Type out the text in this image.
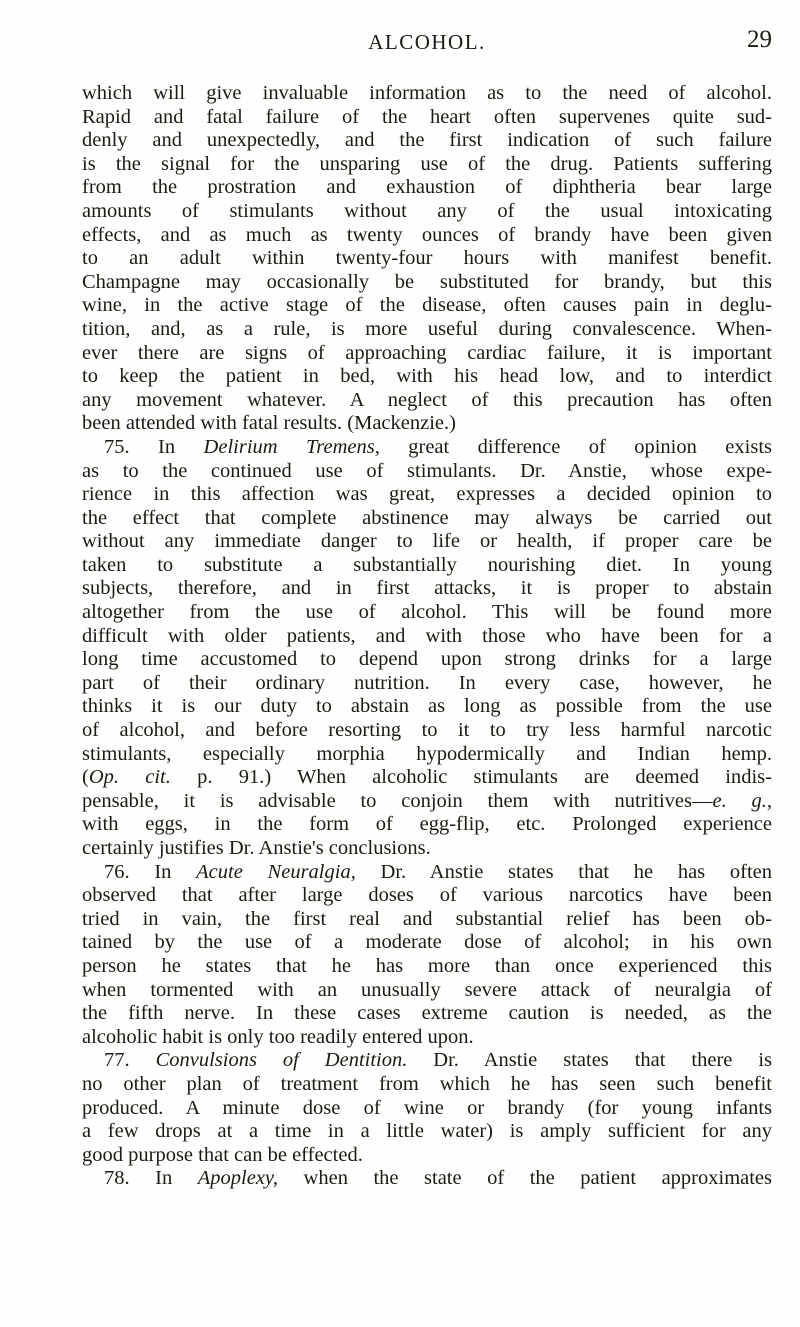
ALCOHOL.	29
which will give invaluable information as to the need of alcohol.
Rapid and fatal failure of the heart often supervenes quite sud-
denly and unexpectedly, and the first indication of such failure
is the signal for the unsparing use of the drug. Patients suffering
from the prostration and exhaustion of diphtheria bear large
amounts of stimulants without any of the usual intoxicating
effects, and as much as twenty ounces of brandy have been given
to an adult within twenty-four hours with manifest benefit.
Champagne may occasionally be substituted for brandy, but this
wine, in the active stage of the disease, often causes pain in deglu-
tition, and, as a rule, is more useful during convalescence. When-
ever there are signs of approaching cardiac failure, it is important
to keep the patient in bed, with his head low, and to interdict
any movement whatever. A neglect of this precaution has often
been attended with fatal results. (Mackenzie.)
75. In Delirium Tremens, great difference of opinion exists
as to the continued use of stimulants. Dr. Anstie, whose expe-
rience in this affection was great, expresses a decided opinion to
the effect that complete abstinence may always be carried out
without any immediate danger to life or health, if proper care be
taken to substitute a substantially nourishing diet. In young
subjects, therefore, and in first attacks, it is proper to abstain
altogether from the use of alcohol. This will be found more
difficult with older patients, and with those who have been for a
long time accustomed to depend upon strong drinks for a large
part of their ordinary nutrition. In every case, however, he
thinks it is our duty to abstain as long as possible from the use
of alcohol, and before resorting to it to try less harmful narcotic
stimulants, especially morphia hypodermically and Indian hemp.
(Op. cit. p. 91.) When alcoholic stimulants are deemed indis-
pensable, it is advisable to conjoin them with nutritives—e. g.,
with eggs, in the form of egg-flip, etc. Prolonged experience
certainly justifies Dr. Anstie's conclusions.
76. In Acute Neuralgia, Dr. Anstie states that he has often
observed that after large doses of various narcotics have been
tried in vain, the first real and substantial relief has been ob-
tained by the use of a moderate dose of alcohol; in his own
person he states that he has more than once experienced this
when tormented with an unusually severe attack of neuralgia of
the fifth nerve. In these cases extreme caution is needed, as the
alcoholic habit is only too readily entered upon.
77. Convulsions of Dentition. Dr. Anstie states that there is
no other plan of treatment from which he has seen such benefit
produced. A minute dose of wine or brandy (for young infants
a few drops at a time in a little water) is amply sufficient for any
good purpose that can be effected.
78. In Apoplexy, when the state of the patient approximates
